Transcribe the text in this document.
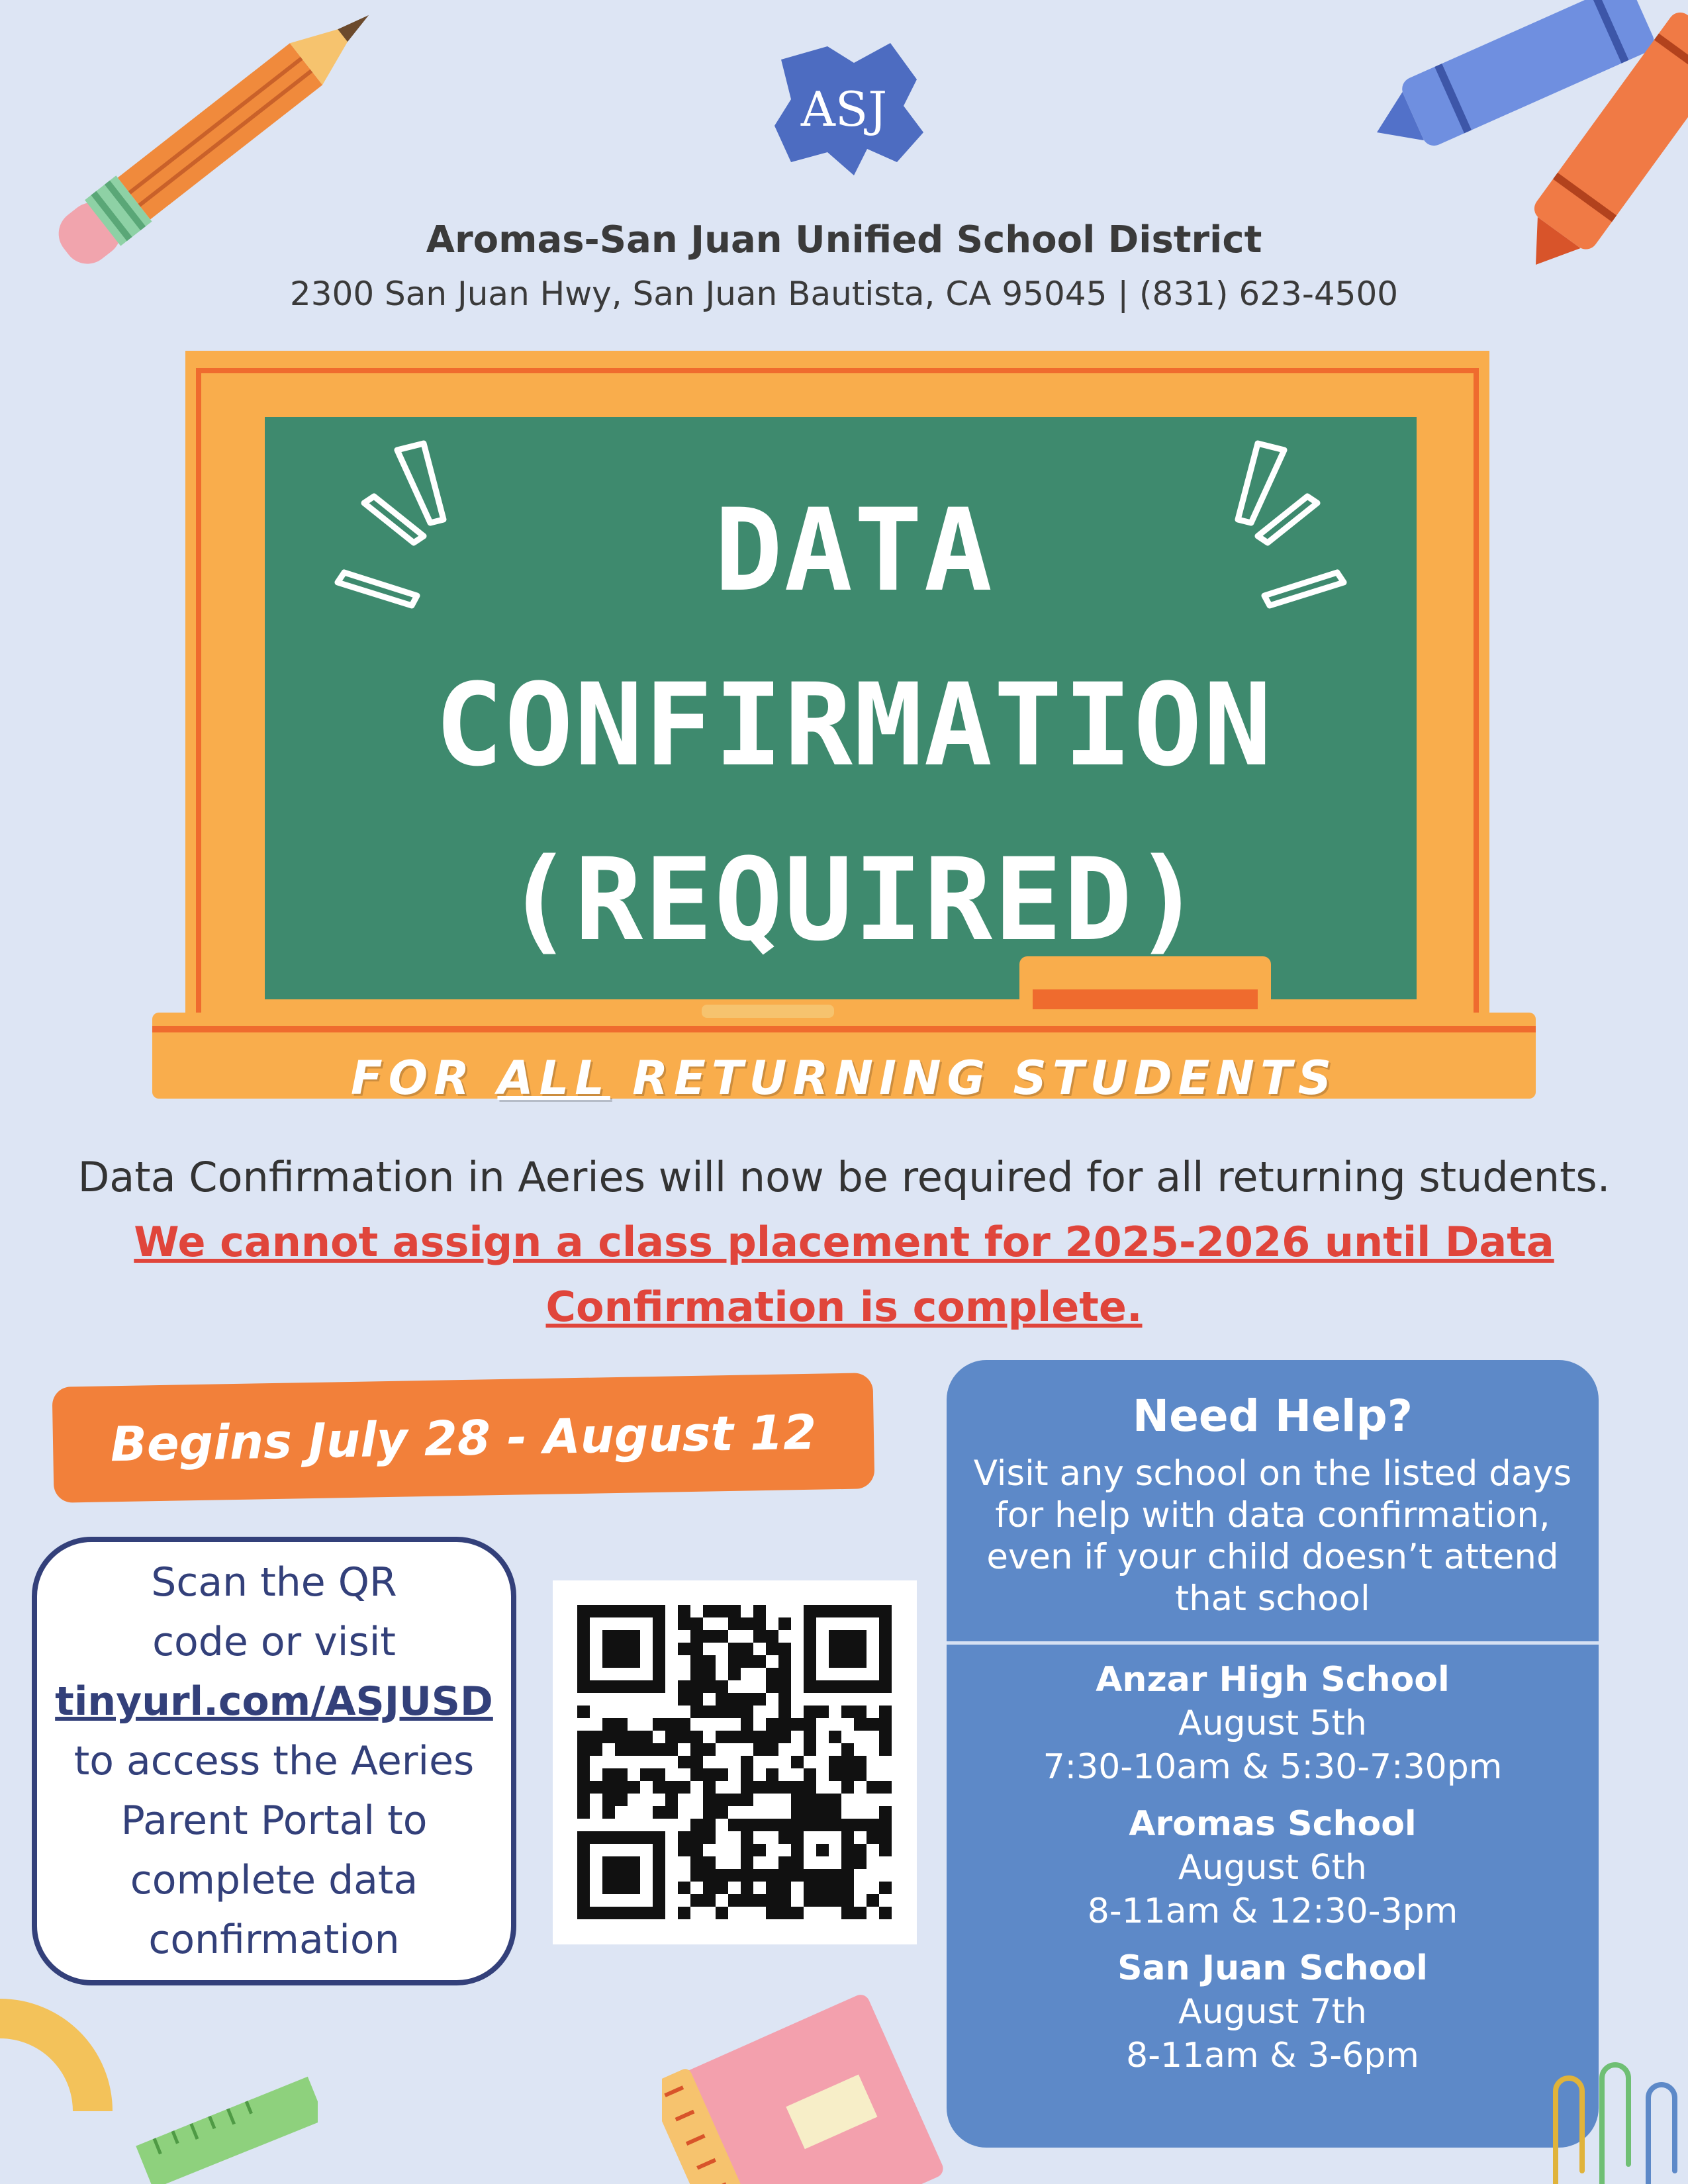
ASJ
Aromas-San Juan Unified School District
2300 San Juan Hwy, San Juan Bautista, CA 95045 | (831) 623-4500
DATA
CONFIRMATION
(REQUIRED)
FOR ALL RETURNING STUDENTS
Data Confirmation in Aeries will now be required for all returning students. We cannot assign a class placement for 2025-2026 until Data Confirmation is complete.
Begins July 28 - August 12
Scan the QR
code or visit
tinyurl.com/ASJUSD
to access the Aeries
Parent Portal to
complete data
confirmation
Need Help?
Visit any school on the listed days for help with data confirmation, even if your child doesn’t attend that school
Anzar High School
August 5th
7:30-10am & 5:30-7:30pm
Aromas School
August 6th
8-11am & 12:30-3pm
San Juan School
August 7th
8-11am & 3-6pm
